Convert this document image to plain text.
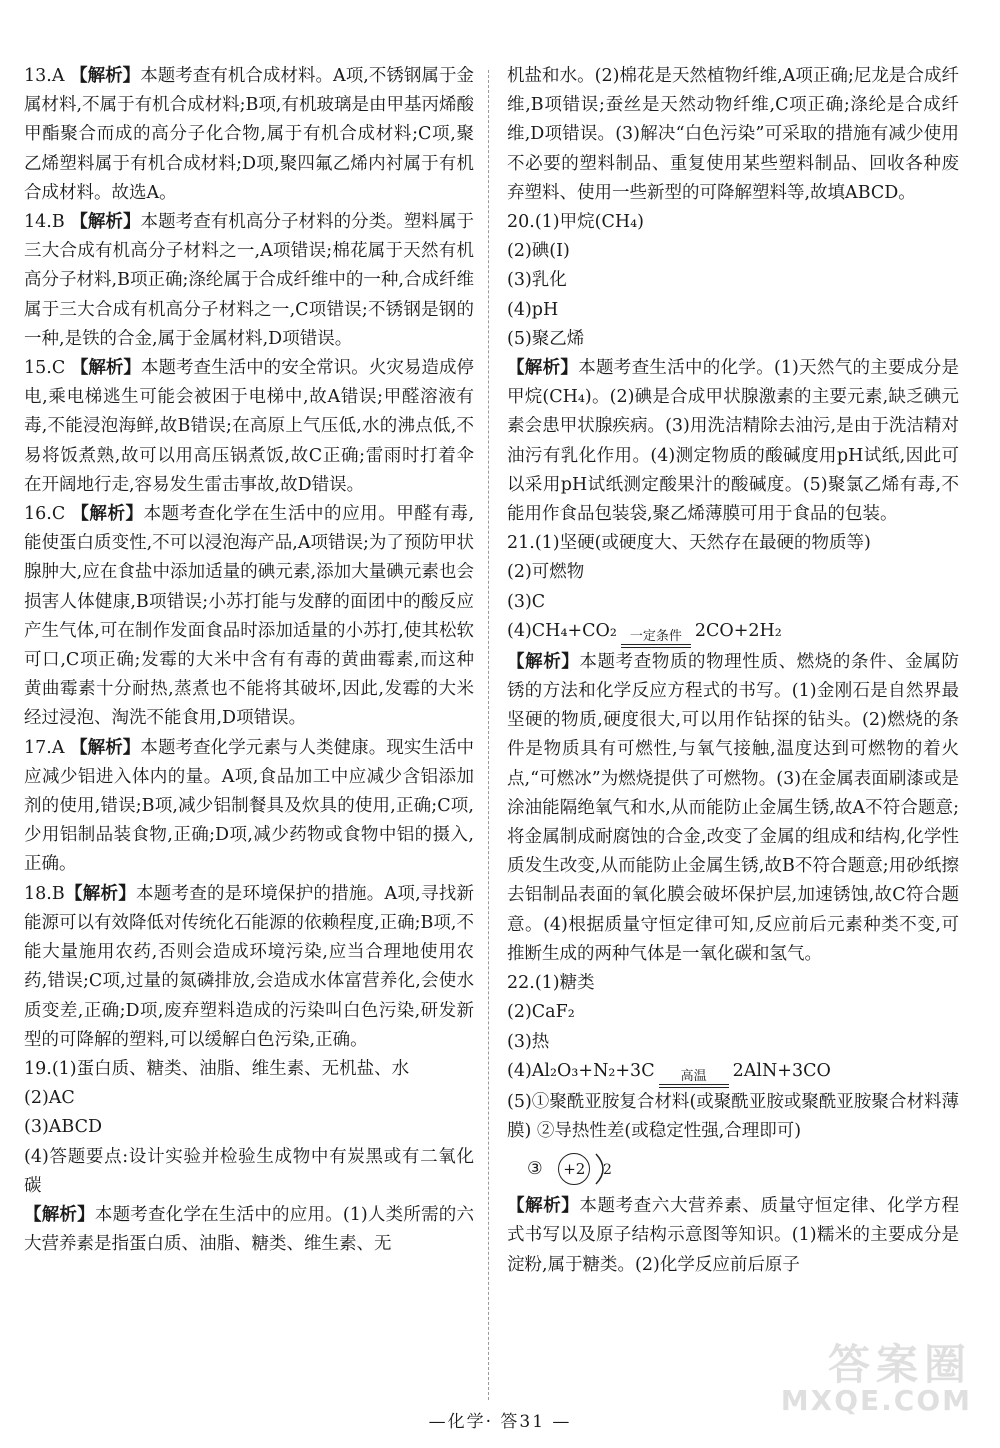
13.A 【解析】本题考查有机合成材料。A项,不锈钢属于金属材料,不属于有机合成材料;B项,有机玻璃是由甲基丙烯酸甲酯聚合而成的高分子化合物,属于有机合成材料;C项,聚乙烯塑料属于有机合成材料;D项,聚四氟乙烯内衬属于有机合成材料。故选A。

14.B 【解析】本题考查有机高分子材料的分类。塑料属于三大合成有机高分子材料之一,A项错误;棉花属于天然有机高分子材料,B项正确;涤纶属于合成纤维中的一种,合成纤维属于三大合成有机高分子材料之一,C项错误;不锈钢是钢的一种,是铁的合金,属于金属材料,D项错误。

15.C 【解析】本题考查生活中的安全常识。火灾易造成停电,乘电梯逃生可能会被困于电梯中,故A错误;甲醛溶液有毒,不能浸泡海鲜,故B错误;在高原上气压低,水的沸点低,不易将饭煮熟,故可以用高压锅煮饭,故C正确;雷雨时打着伞在开阔地行走,容易发生雷击事故,故D错误。

16.C 【解析】本题考查化学在生活中的应用。甲醛有毒,能使蛋白质变性,不可以浸泡海产品,A项错误;为了预防甲状腺肿大,应在食盐中添加适量的碘元素,添加大量碘元素也会损害人体健康,B项错误;小苏打能与发酵的面团中的酸反应产生气体,可在制作发面食品时添加适量的小苏打,使其松软可口,C项正确;发霉的大米中含有有毒的黄曲霉素,而这种黄曲霉素十分耐热,蒸煮也不能将其破坏,因此,发霉的大米经过浸泡、淘洗不能食用,D项错误。

17.A 【解析】本题考查化学元素与人类健康。现实生活中应减少铝进入体内的量。A项,食品加工中应减少含铝添加剂的使用,错误;B项,减少铝制餐具及炊具的使用,正确;C项,少用铝制品装食物,正确;D项,减少药物或食物中铝的摄入,正确。

18.B【解析】本题考查的是环境保护的措施。A项,寻找新能源可以有效降低对传统化石能源的依赖程度,正确;B项,不能大量施用农药,否则会造成环境污染,应当合理地使用农药,错误;C项,过量的氮磷排放,会造成水体富营养化,会使水质变差,正确;D项,废弃塑料造成的污染叫白色污染,研发新型的可降解的塑料,可以缓解白色污染,正确。

19.(1)蛋白质、糖类、油脂、维生素、无机盐、水

(2)AC

(3)ABCD

(4)答题要点:设计实验并检验生成物中有炭黑或有二氧化碳

【解析】本题考查化学在生活中的应用。(1)人类所需的六大营养素是指蛋白质、油脂、糖类、维生素、无

机盐和水。(2)棉花是天然植物纤维,A项正确;尼龙是合成纤维,B项错误;蚕丝是天然动物纤维,C项正确;涤纶是合成纤维,D项错误。(3)解决“白色污染”可采取的措施有减少使用不必要的塑料制品、重复使用某些塑料制品、回收各种废弃塑料、使用一些新型的可降解塑料等,故填ABCD。

20.(1)甲烷(CH₄)

(2)碘(I)

(3)乳化

(4)pH

(5)聚乙烯

【解析】本题考查生活中的化学。(1)天然气的主要成分是甲烷(CH₄)。(2)碘是合成甲状腺激素的主要元素,缺乏碘元素会患甲状腺疾病。(3)用洗洁精除去油污,是由于洗洁精对油污有乳化作用。(4)测定物质的酸碱度用pH试纸,因此可以采用pH试纸测定酸果汁的酸碱度。(5)聚氯乙烯有毒,不能用作食品包装袋,聚乙烯薄膜可用于食品的包装。

21.(1)坚硬(或硬度大、天然存在最硬的物质等)

(2)可燃物

(3)C

(4)CH₄+CO₂ 一定条件 2CO+2H₂

【解析】本题考查物质的物理性质、燃烧的条件、金属防锈的方法和化学反应方程式的书写。(1)金刚石是自然界最坚硬的物质,硬度很大,可以用作钻探的钻头。(2)燃烧的条件是物质具有可燃性,与氧气接触,温度达到可燃物的着火点,“可燃冰”为燃烧提供了可燃物。(3)在金属表面刷漆或是涂油能隔绝氧气和水,从而能防止金属生锈,故A不符合题意;将金属制成耐腐蚀的合金,改变了金属的组成和结构,化学性质发生改变,从而能防止金属生锈,故B不符合题意;用砂纸擦去铝制品表面的氧化膜会破坏保护层,加速锈蚀,故C符合题意。(4)根据质量守恒定律可知,反应前后元素种类不变,可推断生成的两种气体是一氧化碳和氢气。

22.(1)糖类

(2)CaF₂

(3)热

(4)Al₂O₃+N₂+3C 高温 2AlN+3CO

(5)①聚酰亚胺复合材料(或聚酰亚胺或聚酰亚胺聚合材料薄膜) ②导热性差(或稳定性强,合理即可)

③	+2	2

【解析】本题考查六大营养素、质量守恒定律、化学方程式书写以及原子结构示意图等知识。(1)糯米的主要成分是淀粉,属于糖类。(2)化学反应前后原子

—化学· 答31 —
答案圈
MXQE.COM
